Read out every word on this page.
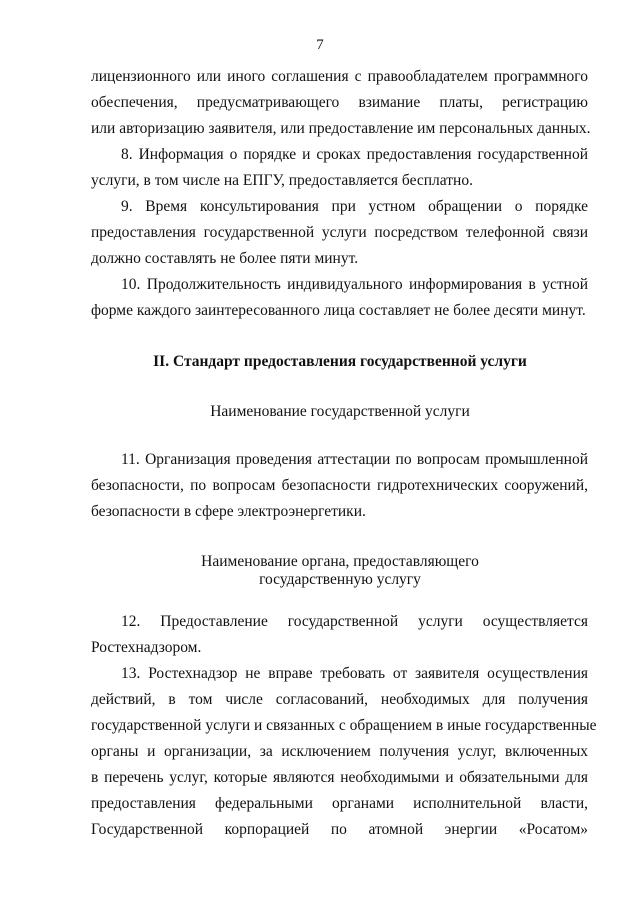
7
лицензионного или иного соглашения с правообладателем программного
обеспечения, предусматривающего взимание платы, регистрацию
или авторизацию заявителя, или предоставление им персональных данных.
8. Информация о порядке и сроках предоставления государственной
услуги, в том числе на ЕПГУ, предоставляется бесплатно.
9. Время консультирования при устном обращении о порядке
предоставления государственной услуги посредством телефонной связи
должно составлять не более пяти минут.
10. Продолжительность индивидуального информирования в устной
форме каждого заинтересованного лица составляет не более десяти минут.
II. Стандарт предоставления государственной услуги
Наименование государственной услуги
11. Организация проведения аттестации по вопросам промышленной
безопасности, по вопросам безопасности гидротехнических сооружений,
безопасности в сфере электроэнергетики.
Наименование органа, предоставляющего
государственную услугу
12. Предоставление государственной услуги осуществляется
Ростехнадзором.
13. Ростехнадзор не вправе требовать от заявителя осуществления
действий, в том числе согласований, необходимых для получения
государственной услуги и связанных с обращением в иные государственные
органы и организации, за исключением получения услуг, включенных
в перечень услуг, которые являются необходимыми и обязательными для
предоставления федеральными органами исполнительной власти,
Государственной корпорацией по атомной энергии «Росатом»
